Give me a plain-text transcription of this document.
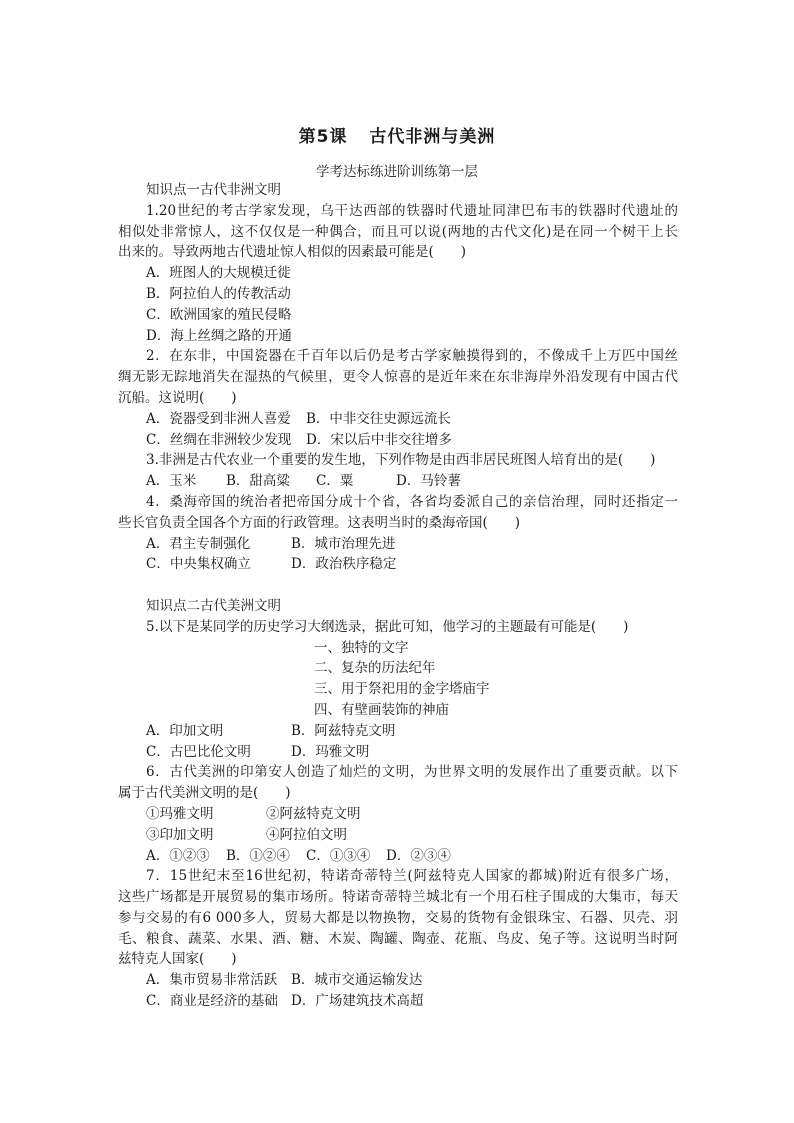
第5课 古代非洲与美洲
学考达标练进阶训练第一层
知识点一古代非洲文明
1.20世纪的考古学家发现，乌干达西部的铁器时代遗址同津巴布韦的铁器时代遗址的
相似处非常惊人，这不仅仅是一种偶合，而且可以说(两地的古代文化)是在同一个树干上长
出来的。导致两地古代遗址惊人相似的因素最可能是(　　)
A．班图人的大规模迁徙
B．阿拉伯人的传教活动
C．欧洲国家的殖民侵略
D．海上丝绸之路的开通
2．在东非，中国瓷器在千百年以后仍是考古学家触摸得到的，不像成千上万匹中国丝
绸无影无踪地消失在湿热的气候里，更令人惊喜的是近年来在东非海岸外沿发现有中国古代
沉船。这说明(　　)
A．瓷器受到非洲人喜爱 B．中非交往史源远流长
C．丝绸在非洲较少发现 D．宋以后中非交往增多
3.非洲是古代农业一个重要的发生地，下列作物是由西非居民班图人培育出的是(　　)
A．玉米 B．甜高粱 C．粟	D．马铃薯
4．桑海帝国的统治者把帝国分成十个省，各省均委派自己的亲信治理，同时还指定一
些长官负责全国各个方面的行政管理。这表明当时的桑海帝国(　　)
A．君主专制强化	B．城市治理先进
C．中央集权确立	D．政治秩序稳定
知识点二古代美洲文明
5.以下是某同学的历史学习大纲选录，据此可知，他学习的主题最有可能是(　　)
一、独特的文字
二、复杂的历法纪年
三、用于祭祀用的金字塔庙宇
四、有壁画装饰的神庙
A．印加文明	B．阿兹特克文明
C．古巴比伦文明	D．玛雅文明
6．古代美洲的印第安人创造了灿烂的文明，为世界文明的发展作出了重要贡献。以下
属于古代美洲文明的是(　　)
①玛雅文明	②阿兹特克文明
③印加文明	④阿拉伯文明
A．①②③ B．①②④ C．①③④ D．②③④
7．15世纪末至16世纪初，特诺奇蒂特兰(阿兹特克人国家的都城)附近有很多广场，
这些广场都是开展贸易的集市场所。特诺奇蒂特兰城北有一个用石柱子围成的大集市，每天
参与交易的有6 000多人，贸易大都是以物换物，交易的货物有金银珠宝、石器、贝壳、羽
毛、粮食、蔬菜、水果、酒、糖、木炭、陶罐、陶壶、花瓶、鸟皮、兔子等。这说明当时阿
兹特克人国家(　　)
A．集市贸易非常活跃 B．城市交通运输发达
C．商业是经济的基础 D．广场建筑技术高超
